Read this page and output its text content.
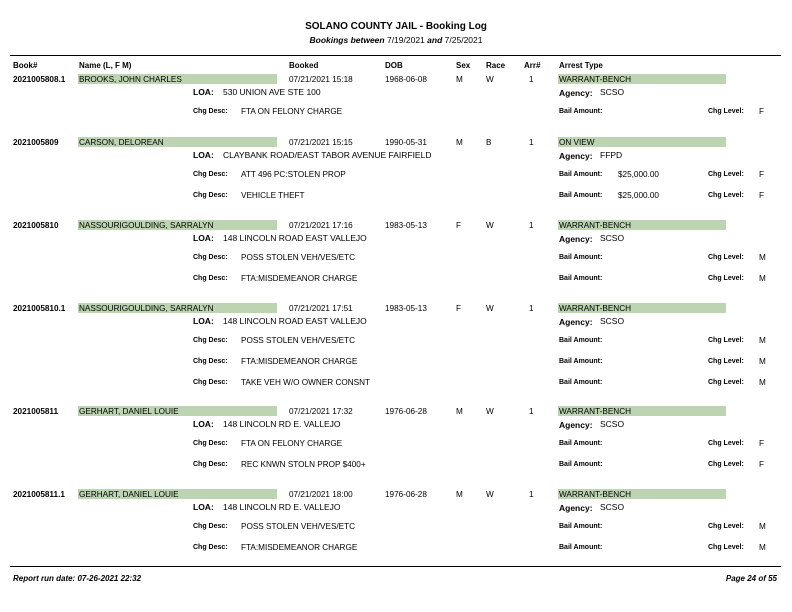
SOLANO COUNTY JAIL - Booking Log
Bookings between 7/19/2021 and 7/25/2021
Book#	Name (L, F M)	Booked	DOB	Sex Race Arr# Arrest Type
2021005808.1 BROOKS, JOHN CHARLES	07/21/2021 15:18	1968-06-08	M	W	1	WARRANT-BENCH
LOA: 530 UNION AVE STE 100	Agency: SCSO
Chg Desc: FTA ON FELONY CHARGE	Bail Amount:	Chg Level: F
2021005809 CARSON, DELOREAN	07/21/2021 15:15	1990-05-31	M	B	1	ON VIEW
LOA: CLAYBANK ROAD/EAST TABOR AVENUE FAIRFIELD	Agency: FFPD
Chg Desc: ATT 496 PC:STOLEN PROP	Bail Amount: $25,000.00	Chg Level: F
Chg Desc: VEHICLE THEFT	Bail Amount: $25,000.00	Chg Level: F
2021005810 NASSOURIGOULDING, SARRALYN	07/21/2021 17:16	1983-05-13	F	W	1	WARRANT-BENCH
LOA: 148 LINCOLN ROAD EAST VALLEJO	Agency: SCSO
Chg Desc: POSS STOLEN VEH/VES/ETC	Bail Amount:	Chg Level: M
Chg Desc: FTA:MISDEMEANOR CHARGE	Bail Amount:	Chg Level: M
2021005810.1 NASSOURIGOULDING, SARRALYN	07/21/2021 17:51	1983-05-13	F	W	1	WARRANT-BENCH
LOA: 148 LINCOLN ROAD EAST VALLEJO	Agency: SCSO
Chg Desc: POSS STOLEN VEH/VES/ETC	Bail Amount:	Chg Level: M
Chg Desc: FTA:MISDEMEANOR CHARGE	Bail Amount:	Chg Level: M
Chg Desc: TAKE VEH W/O OWNER CONSNT	Bail Amount:	Chg Level: M
2021005811	GERHART, DANIEL LOUIE	07/21/2021 17:32	1976-06-28	M	W	1	WARRANT-BENCH
LOA: 148 LINCOLN RD E. VALLEJO	Agency: SCSO
Chg Desc: FTA ON FELONY CHARGE	Bail Amount:	Chg Level: F
Chg Desc: REC KNWN STOLN PROP $400+	Bail Amount:	Chg Level: F
2021005811.1 GERHART, DANIEL LOUIE	07/21/2021 18:00	1976-06-28	M	W	1	WARRANT-BENCH
LOA: 148 LINCOLN RD E. VALLEJO	Agency: SCSO
Chg Desc: POSS STOLEN VEH/VES/ETC	Bail Amount:	Chg Level: M
Chg Desc: FTA:MISDEMEANOR CHARGE	Bail Amount:	Chg Level: M
Report run date: 07-26-2021 22:32	Page 24 of 55
